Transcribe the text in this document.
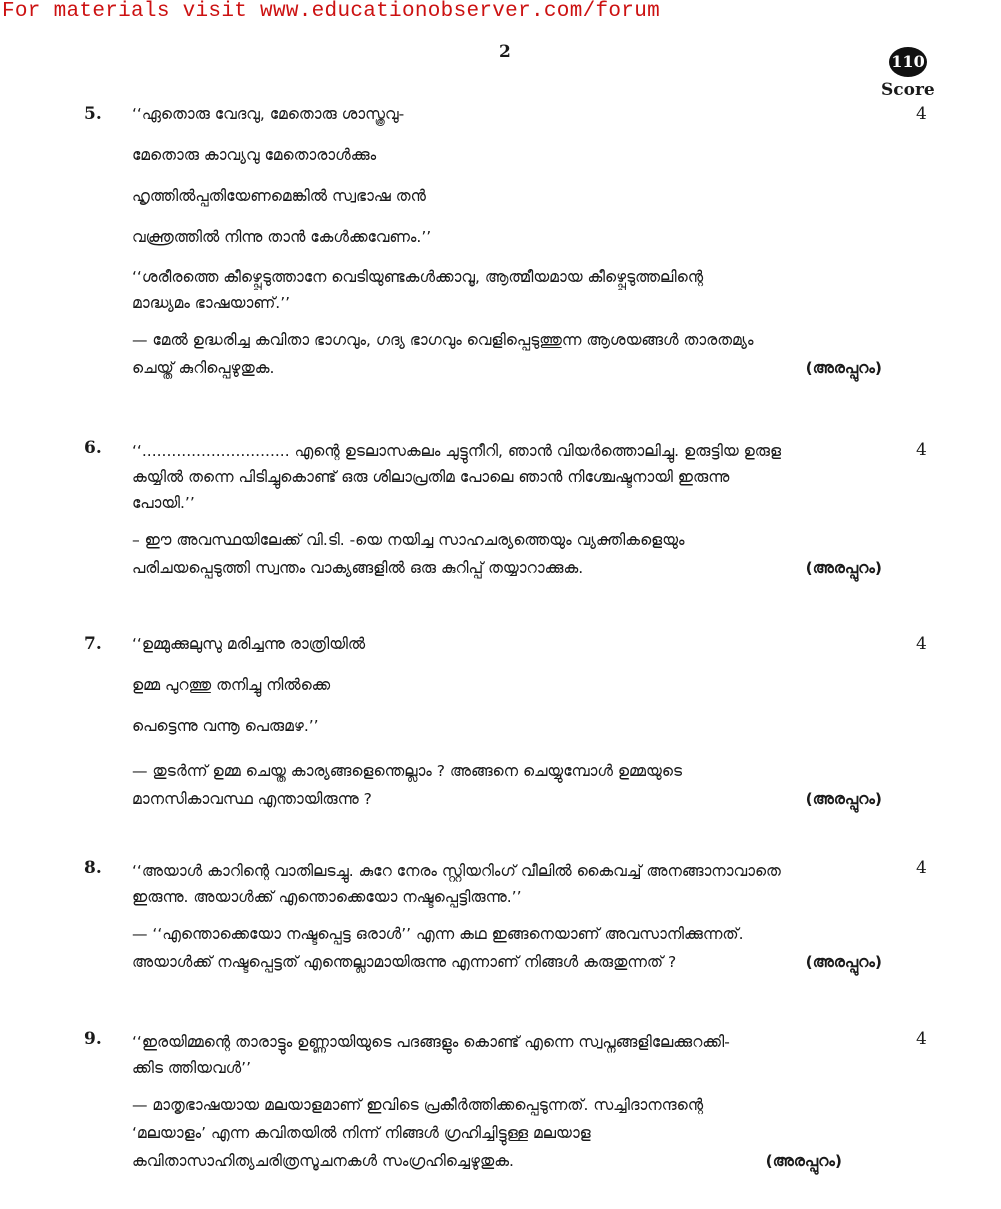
For materials visit www.educationobserver.com/forum
2	110
Score
5.	4
‘‘ഏതൊരു വേദവു, മേതൊരു ശാസ്ത്രവു-
മേതൊരു കാവ്യവു മേതൊരാൾക്കും
ഹൃത്തിൽപ്പതിയേണമെങ്കിൽ സ്വഭാഷ തൻ
വക്ത്രത്തിൽ നിന്നു താൻ കേൾക്കവേണം.’’
‘‘ശരീരത്തെ കീഴ്പ്പെടുത്താനേ വെടിയുണ്ടകൾക്കാവൂ, ആത്മീയമായ കീഴ്പ്പെടുത്തലിന്റെ
മാദ്ധ്യമം ഭാഷയാണ്.’’
— മേൽ ഉദ്ധരിച്ച കവിതാ ഭാഗവും, ഗദ്യ ഭാഗവും വെളിപ്പെടുത്തുന്ന ആശയങ്ങൾ താരതമ്യം
(അരപ്പുറം)
ചെയ്ത് കുറിപ്പെഴുതുക.
6.	4
‘‘.............................. എന്റെ ഉടലാസകലം ചുട്ടുനീറി, ഞാൻ വിയർത്തൊലിച്ചു. ഉരുട്ടിയ ഉരുള
കയ്യിൽ തന്നെ പിടിച്ചുകൊണ്ട് ഒരു ശിലാപ്രതിമ പോലെ ഞാൻ നിശ്ചേഷ്ടനായി ഇരുന്നു
പോയി.’’
– ഈ അവസ്ഥയിലേക്ക് വി.ടി. -യെ നയിച്ച സാഹചര്യത്തെയും വ്യക്തികളെയും
(അരപ്പുറം)
പരിചയപ്പെടുത്തി സ്വന്തം വാക്യങ്ങളിൽ ഒരു കുറിപ്പ് തയ്യാറാക്കുക.
7.	4
‘‘ഉമ്മുക്കുലുസു മരിച്ചന്നു രാത്രിയിൽ
ഉമ്മ പുറത്തു തനിച്ചു നിൽക്കെ
പെട്ടെന്നു വന്നൂ പെരുമഴ.’’
— തുടർന്ന് ഉമ്മ ചെയ്ത കാര്യങ്ങളെന്തെല്ലാം ? അങ്ങനെ ചെയ്യുമ്പോൾ ഉമ്മയുടെ
(അരപ്പുറം)
മാനസികാവസ്ഥ എന്തായിരുന്നു ?
8.	4
‘‘അയാൾ കാറിന്റെ വാതിലടച്ചു. കുറേ നേരം സ്റ്റിയറിംഗ് വീലിൽ കൈവച്ച് അനങ്ങാനാവാതെ
ഇരുന്നു. അയാൾക്ക് എന്തൊക്കെയോ നഷ്ടപ്പെട്ടിരുന്നു.’’
— ‘‘എന്തൊക്കെയോ നഷ്ടപ്പെട്ട ഒരാൾ’’ എന്ന കഥ ഇങ്ങനെയാണ് അവസാനിക്കുന്നത്.
(അരപ്പുറം)
അയാൾക്ക് നഷ്ടപ്പെട്ടത് എന്തെല്ലാമായിരുന്നു എന്നാണ് നിങ്ങൾ കരുതുന്നത് ?
9.	4
‘‘ഇരയിമ്മന്റെ താരാട്ടും ഉണ്ണായിയുടെ പദങ്ങളും കൊണ്ട് എന്നെ സ്വപ്നങ്ങളിലേക്കുറക്കി-
ക്കിട ത്തിയവൾ’’
— മാതൃഭാഷയായ മലയാളമാണ് ഇവിടെ പ്രകീർത്തിക്കപ്പെടുന്നത്. സച്ചിദാനന്ദന്റെ
‘മലയാളം’ എന്ന കവിതയിൽ നിന്ന് നിങ്ങൾ ഗ്രഹിച്ചിട്ടുള്ള മലയാള
(അരപ്പുറം)
കവിതാസാഹിത്യചരിത്രസൂചനകൾ സംഗ്രഹിച്ചെഴുതുക.
